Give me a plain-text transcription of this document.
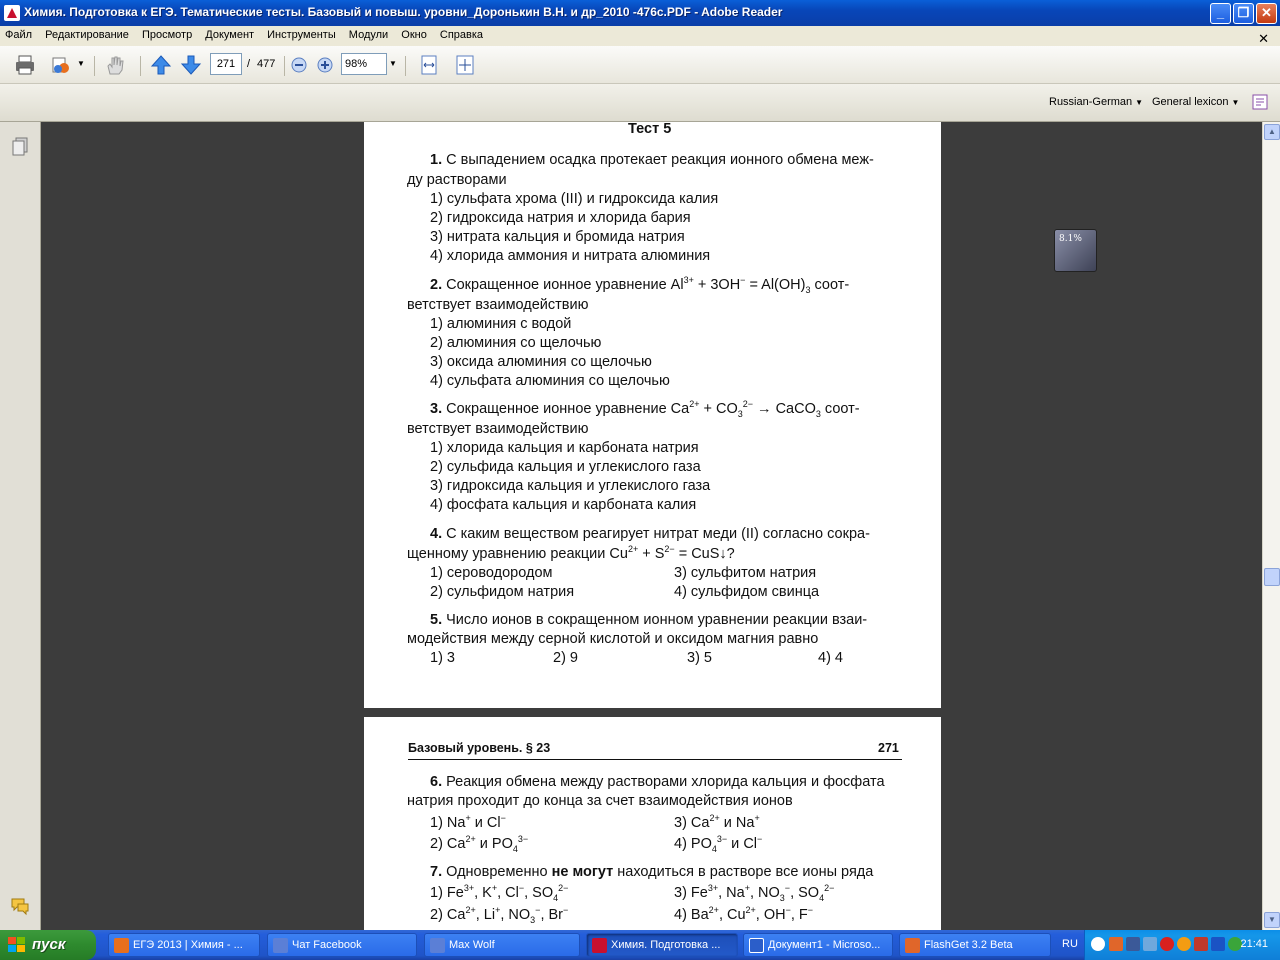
Химия. Подготовка к ЕГЭ. Тематические тесты. Базовый и повыш. уровни_Доронькин В.Н. и др_2010 -476с.PDF - Adobe Reader	_	❐ ✕
Файл Редактирование Просмотр Документ Инструменты Модули Окно Справка	✕
▼	271	/ 477	98%	▼
Russian-German ▼ General lexicon ▼
Тест 5
1. С выпадением осадка протекает реакция ионного обмена меж-
ду растворами
1) сульфата хрома (III) и гидроксида калия
2) гидроксида натрия и хлорида бария
3) нитрата кальция и бромида натрия
4) хлорида аммония и нитрата алюминия
2. Сокращенное ионное уравнение $Al^{3+} + 3OH^- = Al(OH)_3$ соот-
ветствует взаимодействию
1) алюминия с водой
2) алюминия со щелочью
3) оксида алюминия со щелочью
4) сульфата алюминия со щелочью
3. Сокращенное ионное уравнение $Ca^{2+} + CO_3^{2-}$ → CaCO$_3$ соот-
ветствует взаимодействию
1) хлорида кальция и карбоната натрия
2) сульфида кальция и углекислого газа
3) гидроксида кальция и углекислого газа
4) фосфата кальция и карбоната калия
4. С каким веществом реагирует нитрат меди (II) согласно сокра-
щенному уравнению реакции $Cu^{2+} + S^{2-}$ = CuS↓?
1) сероводородом	3) сульфитом натрия
2) сульфидом натрия	4) сульфидом свинца
5. Число ионов в сокращенном ионном уравнении реакции взаи-
модействия между серной кислотой и оксидом магния равно
1) 3	2) 9	3) 5	4) 4
Базовый уровень. § 23	271
6. Реакция обмена между растворами хлорида кальция и фосфата
натрия проходит до конца за счет взаимодействия ионов
1) Na+ и Cl−	3) $Ca^{2+}$ и Na+
2) $Ca^{2+}$ и $PO_4^{3-}$	4) $PO_4^{3-}$ и Cl−
7. Одновременно не могут находиться в растворе все ионы ряда
1) $Fe^{3+}$, K+, Cl−, $SO_4^{2-}$	3) $Fe^{3+}$, Na+, $NO_3^-$, $SO_4^{2-}$
2) $Ca^{2+}$, Li+, $NO_3^-$, Br−	4) $Ba^{2+}$, $Cu^{2+}$, OH−, F−
8.1%
▲
▼
пуск	ЕГЭ 2013 | Химия - ...	Чат Facebook	Max Wolf	Химия. Подготовка ...	Документ1 - Microso...	FlashGet 3.2 Beta	RU	21:41
